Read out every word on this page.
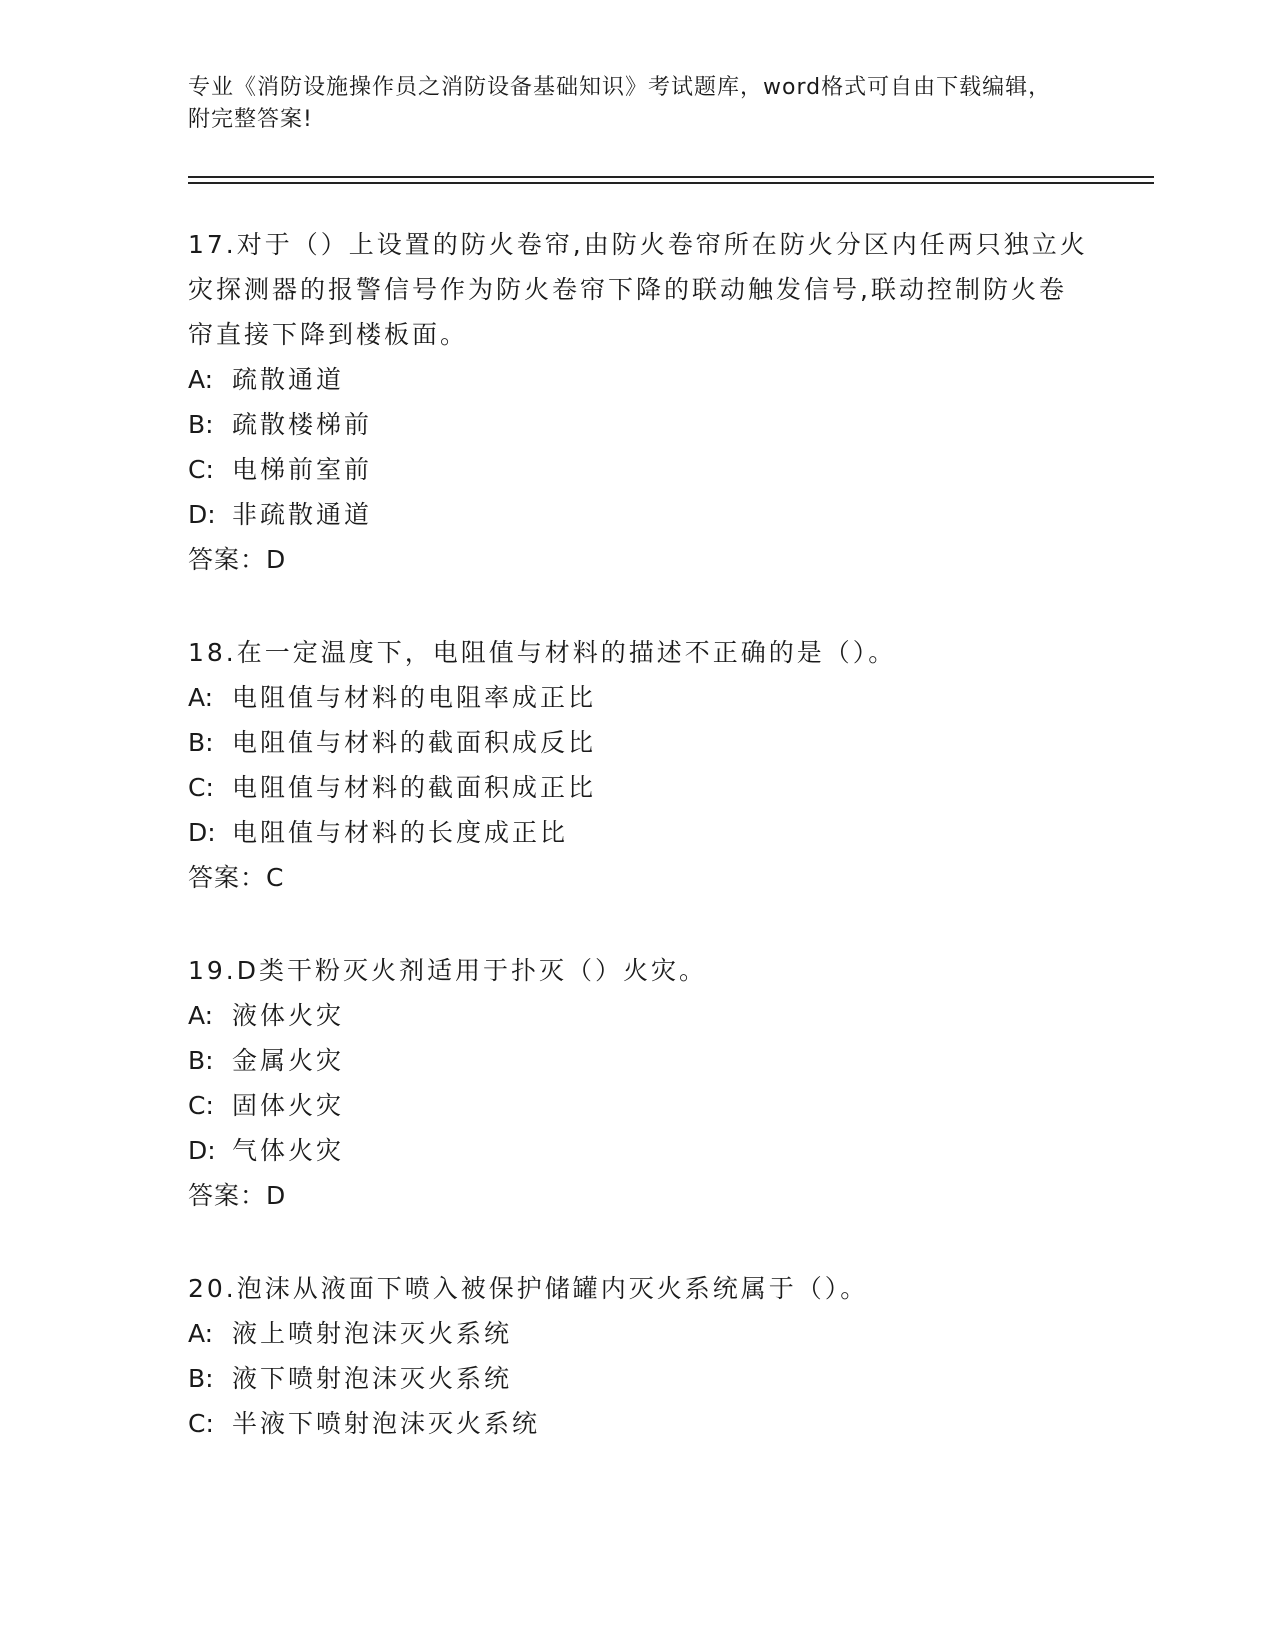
专业《消防设施操作员之消防设备基础知识》考试题库，word格式可自由下载编辑，附完整答案!

17.对于（）上设置的防火卷帘,由防火卷帘所在防火分区内任两只独立火灾探测器的报警信号作为防火卷帘下降的联动触发信号,联动控制防火卷帘直接下降到楼板面。

A: 疏散通道

B: 疏散楼梯前

C: 电梯前室前

D: 非疏散通道

答案：D

18.在一定温度下，电阻值与材料的描述不正确的是（）。

A: 电阻值与材料的电阻率成正比

B: 电阻值与材料的截面积成反比

C: 电阻值与材料的截面积成正比

D: 电阻值与材料的长度成正比

答案：C

19.D类干粉灭火剂适用于扑灭（）火灾。

A: 液体火灾

B: 金属火灾

C: 固体火灾

D: 气体火灾

答案：D

20.泡沫从液面下喷入被保护储罐内灭火系统属于（）。

A: 液上喷射泡沫灭火系统

B: 液下喷射泡沫灭火系统

C: 半液下喷射泡沫灭火系统
